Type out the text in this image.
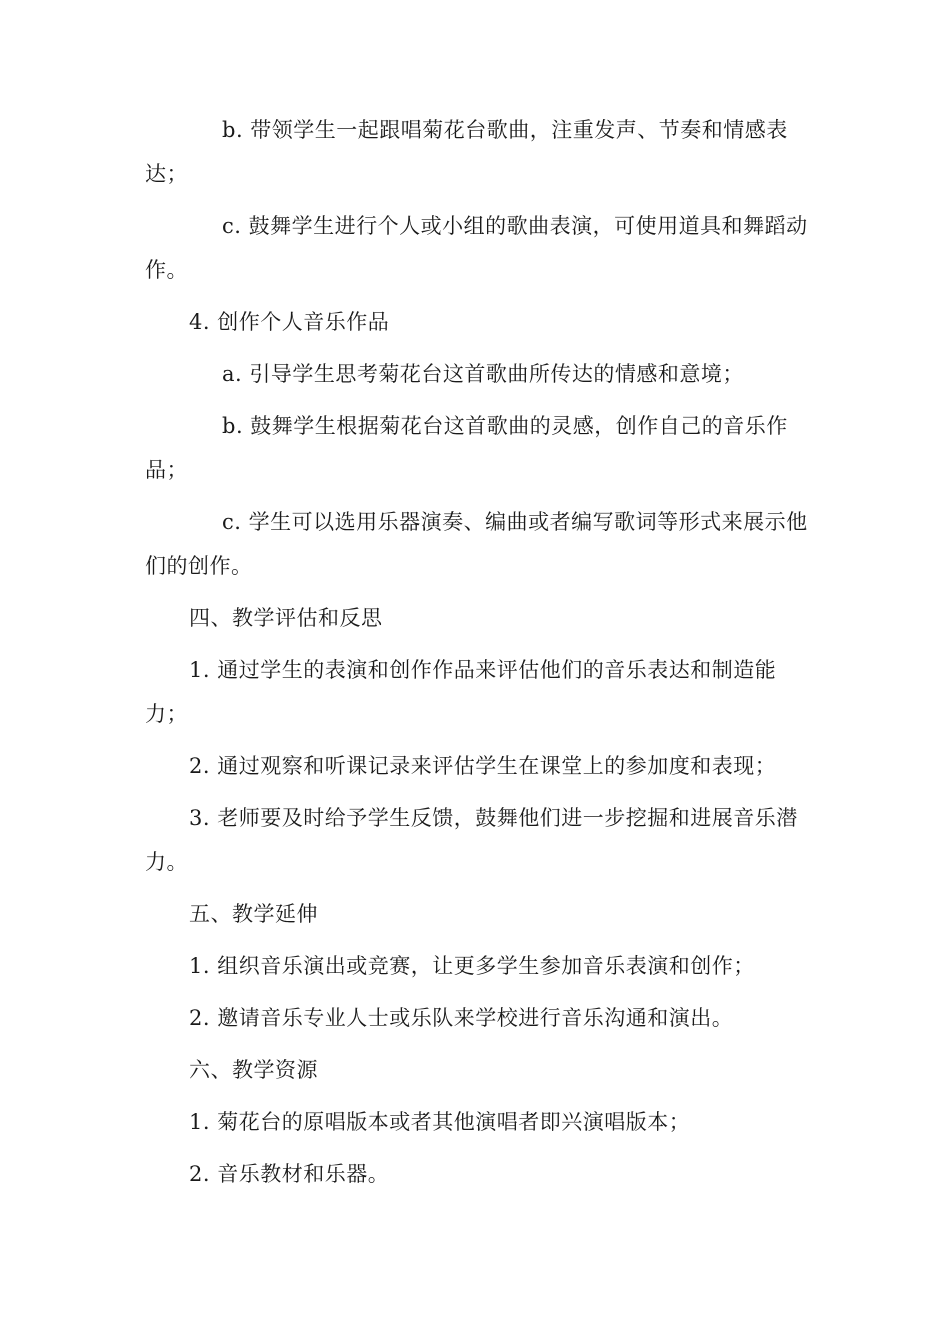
b. 带领学生一起跟唱菊花台歌曲，注重发声、节奏和情感表达；

c. 鼓舞学生进行个人或小组的歌曲表演，可使用道具和舞蹈动作。

4. 创作个人音乐作品

a. 引导学生思考菊花台这首歌曲所传达的情感和意境；

b. 鼓舞学生根据菊花台这首歌曲的灵感，创作自己的音乐作品；

c. 学生可以选用乐器演奏、编曲或者编写歌词等形式来展示他们的创作。

四、教学评估和反思

1. 通过学生的表演和创作作品来评估他们的音乐表达和制造能力；

2. 通过观察和听课记录来评估学生在课堂上的参加度和表现；

3. 老师要及时给予学生反馈，鼓舞他们进一步挖掘和进展音乐潜力。

五、教学延伸

1. 组织音乐演出或竞赛，让更多学生参加音乐表演和创作；

2. 邀请音乐专业人士或乐队来学校进行音乐沟通和演出。

六、教学资源

1. 菊花台的原唱版本或者其他演唱者即兴演唱版本；

2. 音乐教材和乐器。
